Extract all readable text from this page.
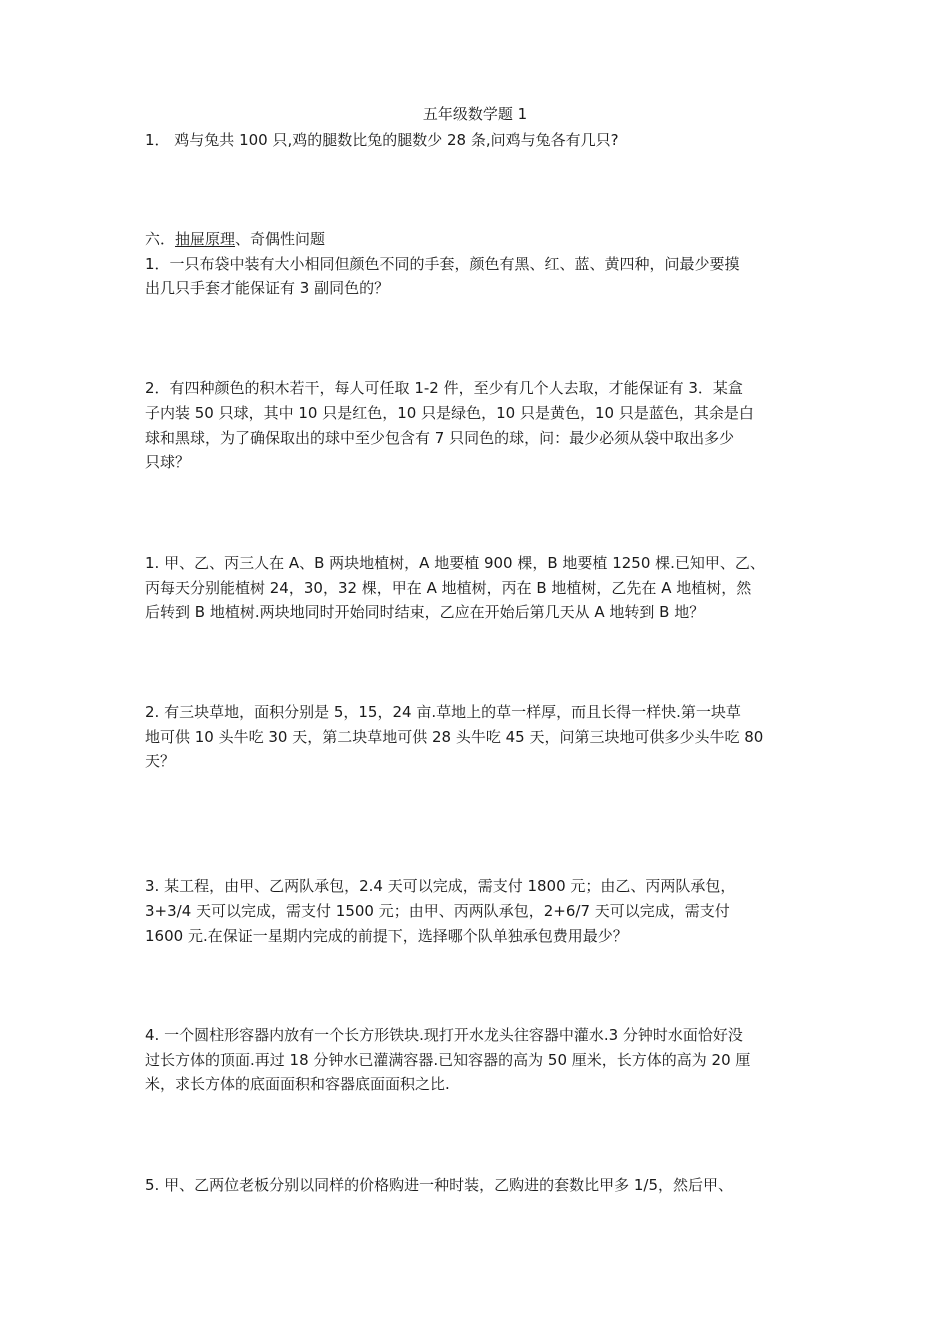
五年级数学题 1
1． 鸡与兔共 100 只,鸡的腿数比兔的腿数少 28 条,问鸡与兔各有几只?
六．抽屉原理、奇偶性问题
1．一只布袋中装有大小相同但颜色不同的手套，颜色有黑、红、蓝、黄四种，问最少要摸
出几只手套才能保证有 3 副同色的？
2．有四种颜色的积木若干，每人可任取 1-2 件，至少有几个人去取，才能保证有 3．某盒
子内装 50 只球，其中 10 只是红色，10 只是绿色，10 只是黄色，10 只是蓝色，其余是白
球和黑球，为了确保取出的球中至少包含有 7 只同色的球，问：最少必须从袋中取出多少
只球？
1. 甲、乙、丙三人在 A、B 两块地植树，A 地要植 900 棵，B 地要植 1250 棵.已知甲、乙、
丙每天分别能植树 24，30，32 棵，甲在 A 地植树，丙在 B 地植树，乙先在 A 地植树，然
后转到 B 地植树.两块地同时开始同时结束，乙应在开始后第几天从 A 地转到 B 地？
2. 有三块草地，面积分别是 5，15，24 亩.草地上的草一样厚，而且长得一样快.第一块草
地可供 10 头牛吃 30 天，第二块草地可供 28 头牛吃 45 天，问第三块地可供多少头牛吃 80
天？
3. 某工程，由甲、乙两队承包，2.4 天可以完成，需支付 1800 元；由乙、丙两队承包，
3+3/4 天可以完成，需支付 1500 元；由甲、丙两队承包，2+6/7 天可以完成，需支付
1600 元.在保证一星期内完成的前提下，选择哪个队单独承包费用最少？
4. 一个圆柱形容器内放有一个长方形铁块.现打开水龙头往容器中灌水.3 分钟时水面恰好没
过长方体的顶面.再过 18 分钟水已灌满容器.已知容器的高为 50 厘米，长方体的高为 20 厘
米，求长方体的底面面积和容器底面面积之比.
5. 甲、乙两位老板分别以同样的价格购进一种时装，乙购进的套数比甲多 1/5，然后甲、
